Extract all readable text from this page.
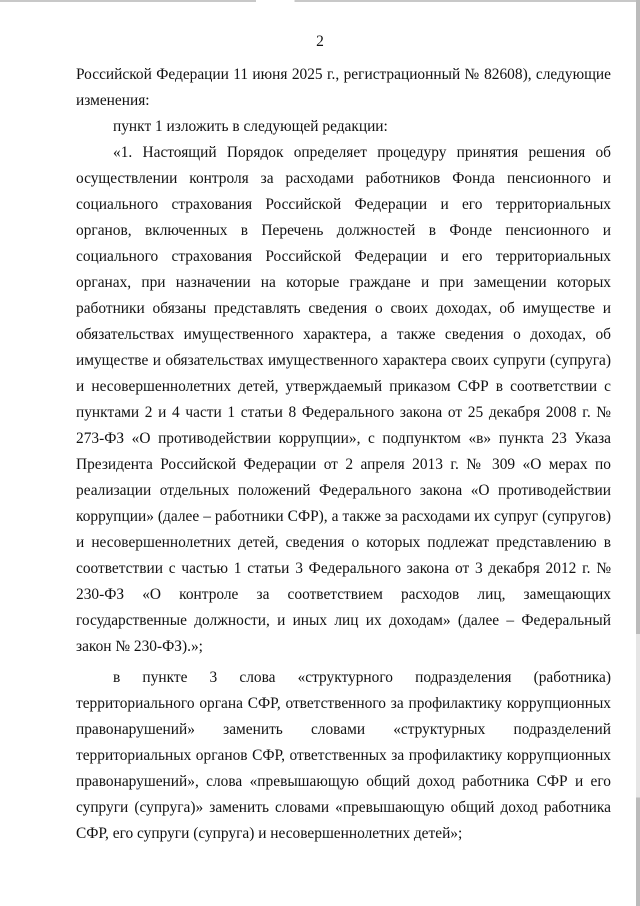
2

Российской Федерации 11 июня 2025 г., регистрационный № 82608), следующие изменения:

пункт 1 изложить в следующей редакции:

«1. Настоящий Порядок определяет процедуру принятия решения об осуществлении контроля за расходами работников Фонда пенсионного и социального страхования Российской Федерации и его территориальных органов, включенных в Перечень должностей в Фонде пенсионного и социального страхования Российской Федерации и его территориальных органах, при назначении на которые граждане и при замещении которых работники обязаны представлять сведения о своих доходах, об имуществе и обязательствах имущественного характера, а также сведения о доходах, об имуществе и обязательствах имущественного характера своих супруги (супруга) и несовершеннолетних детей, утверждаемый приказом СФР в соответствии с пунктами 2 и 4 части 1 статьи 8 Федерального закона от 25 декабря 2008 г. № 273-ФЗ «О противодействии коррупции», с подпунктом «в» пункта 23 Указа Президента Российской Федерации от 2 апреля 2013 г. № 309 «О мерах по реализации отдельных положений Федерального закона «О противодействии коррупции» (далее – работники СФР), а также за расходами их супруг (супругов) и несовершеннолетних детей, сведения о которых подлежат представлению в соответствии с частью 1 статьи 3 Федерального закона от 3 декабря 2012 г. № 230-ФЗ «О контроле за соответствием расходов лиц, замещающих государственные должности, и иных лиц их доходам» (далее – Федеральный закон № 230-ФЗ).»;

в пункте 3 слова «структурного подразделения (работника) территориального органа СФР, ответственного за профилактику коррупционных правонарушений» заменить словами «структурных подразделений территориальных органов СФР, ответственных за профилактику коррупционных правонарушений», слова «превышающую общий доход работника СФР и его супруги (супруга)» заменить словами «превышающую общий доход работника СФР, его супруги (супруга) и несовершеннолетних детей»;
